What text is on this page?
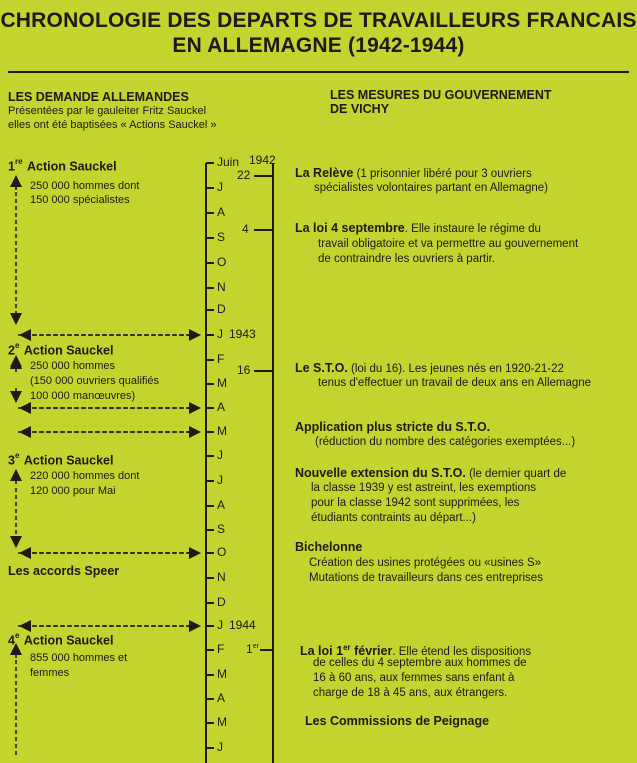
CHRONOLOGIE DES DEPARTS DE TRAVAILLEURS FRANCAIS
EN ALLEMAGNE (1942-1944)
LES DEMANDE ALLEMANDES
Présentées par le gauleiter Fritz Sauckel
elles ont été baptisées « Actions Sauckel »
LES MESURES DU GOUVERNEMENT
DE VICHY
Juin
J
A
S
O
N
D
J
F
M
A
M
J
J
A
S
O
N
D
J
F
M
A
M
J
1942
1943
1944
22
4
16
1er
1re Action Sauckel
250 000 hommes dont
150 000 spécialistes
2e Action Sauckel
250 000 hommes
(150 000 ouvriers qualifiés
100 000 manœuvres)
3e Action Sauckel
220 000 hommes dont
120 000 pour Mai
Les accords Speer
4e Action Sauckel
855 000 hommes et
femmes
La Relève (1 prisonnier libéré pour 3 ouvriers
spécialistes volontaires partant en Allemagne)
La loi 4 septembre. Elle instaure le régime du
travail obligatoire et va permettre au gouvernement
de contraindre les ouvriers à partir.
Le S.T.O. (loi du 16). Les jeunes nés en 1920-21-22
tenus d'effectuer un travail de deux ans en Allemagne
Application plus stricte du S.T.O.
(réduction du nombre des catégories exemptées...)
Nouvelle extension du S.T.O. (le dernier quart de
la classe 1939 y est astreint, les exemptions
pour la classe 1942 sont supprimées, les
étudiants contraints au départ...)
Bichelonne
Création des usines protégées ou «usines S»
Mutations de travailleurs dans ces entreprises
La loi 1er février. Elle étend les dispositions
de celles du 4 septembre aux hommes de
16 à 60 ans, aux femmes sans enfant à
charge de 18 à 45 ans, aux étrangers.
Les Commissions de Peignage
